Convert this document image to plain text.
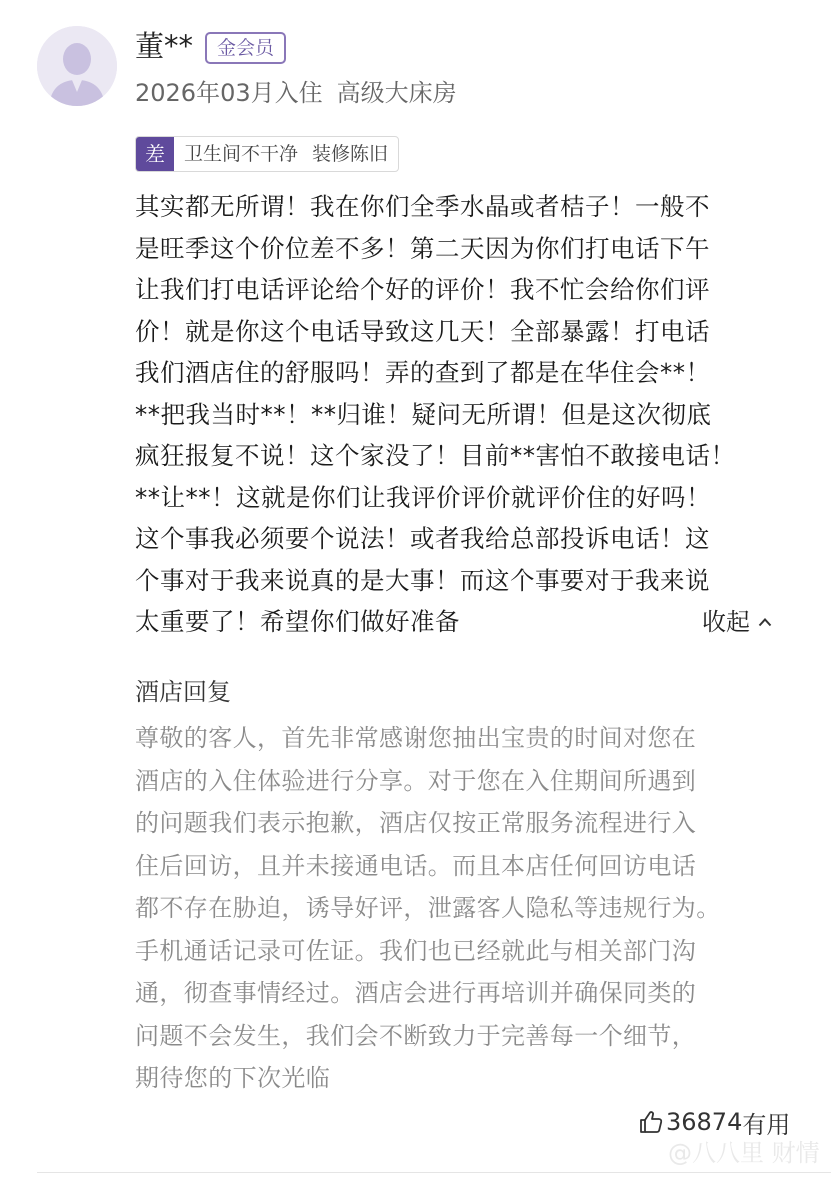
董**	金会员
2026年03月入住 高级大床房
差	卫生间不干净 装修陈旧
其实都无所谓！我在你们全季水晶或者桔子！一般不
是旺季这个价位差不多！第二天因为你们打电话下午
让我们打电话评论给个好的评价！我不忙会给你们评
价！就是你这个电话导致这几天！全部暴露！打电话
我们酒店住的舒服吗！弄的查到了都是在华住会**！
**把我当时**！**归谁！疑问无所谓！但是这次彻底
疯狂报复不说！这个家没了！目前**害怕不敢接电话！
**让**！这就是你们让我评价评价就评价住的好吗！
这个事我必须要个说法！或者我给总部投诉电话！这
个事对于我来说真的是大事！而这个事要对于我来说
太重要了！希望你们做好准备	收起
酒店回复
尊敬的客人，首先非常感谢您抽出宝贵的时间对您在
酒店的入住体验进行分享。对于您在入住期间所遇到
的问题我们表示抱歉，酒店仅按正常服务流程进行入
住后回访，且并未接通电话。而且本店任何回访电话
都不存在胁迫，诱导好评，泄露客人隐私等违规行为。
手机通话记录可佐证。我们也已经就此与相关部门沟
通，彻查事情经过。酒店会进行再培训并确保同类的
问题不会发生，我们会不断致力于完善每一个细节，
期待您的下次光临
36874 有用
@八八里 财情
